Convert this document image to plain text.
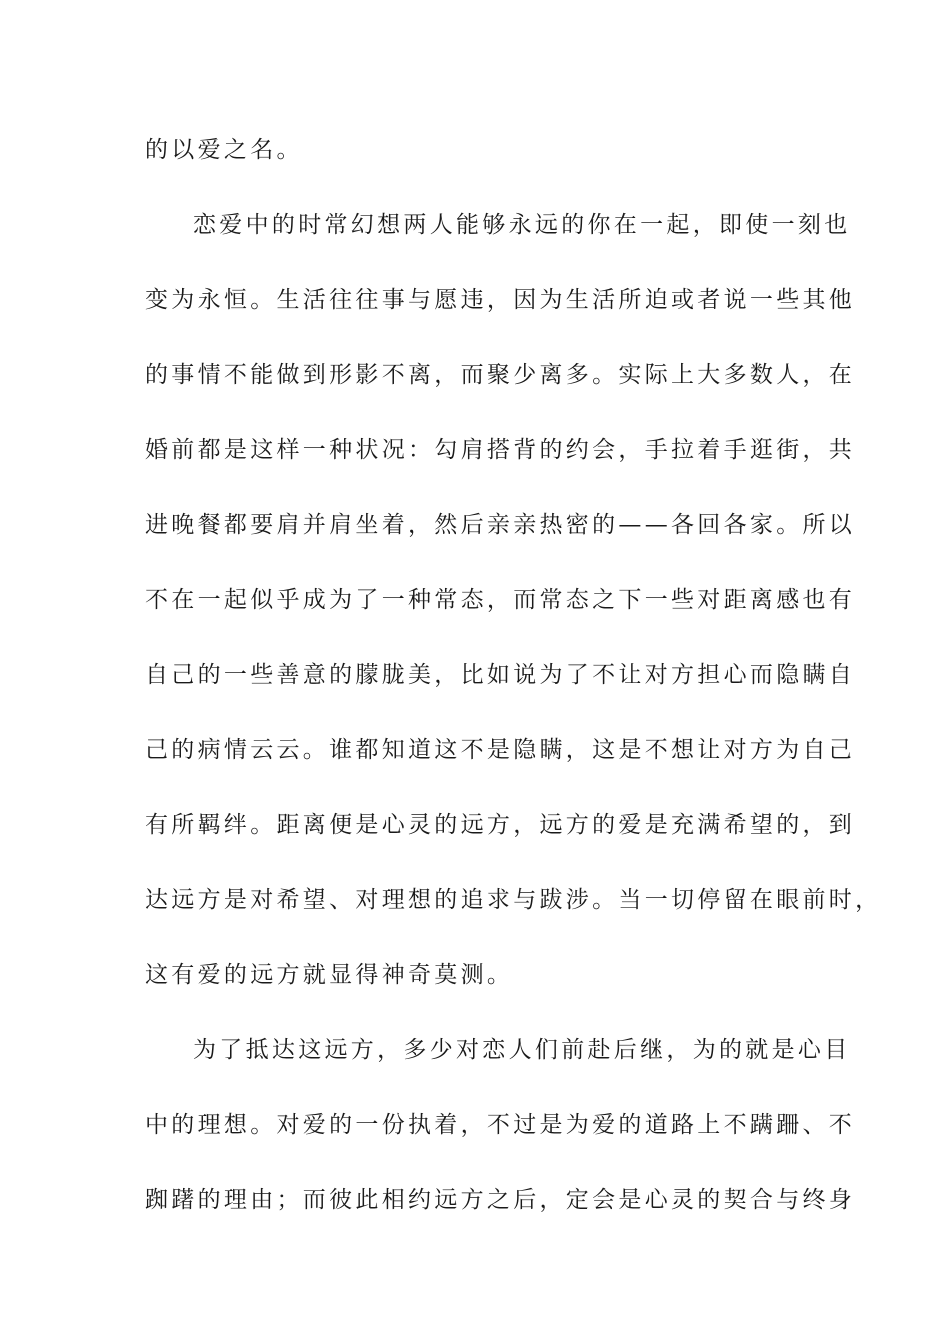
的以爱之名。
恋爱中的时常幻想两人能够永远的你在一起，即使一刻也
变为永恒。生活往往事与愿违，因为生活所迫或者说一些其他
的事情不能做到形影不离，而聚少离多。实际上大多数人，在
婚前都是这样一种状况：勾肩搭背的约会，手拉着手逛街，共
进晚餐都要肩并肩坐着，然后亲亲热密的——各回各家。所以
不在一起似乎成为了一种常态，而常态之下一些对距离感也有
自己的一些善意的朦胧美，比如说为了不让对方担心而隐瞒自
己的病情云云。谁都知道这不是隐瞒，这是不想让对方为自己
有所羁绊。距离便是心灵的远方，远方的爱是充满希望的，到
达远方是对希望、对理想的追求与跋涉。当一切停留在眼前时，
这有爱的远方就显得神奇莫测。
为了抵达这远方，多少对恋人们前赴后继，为的就是心目
中的理想。对爱的一份执着，不过是为爱的道路上不蹒跚、不
踟躇的理由；而彼此相约远方之后，定会是心灵的契合与终身
